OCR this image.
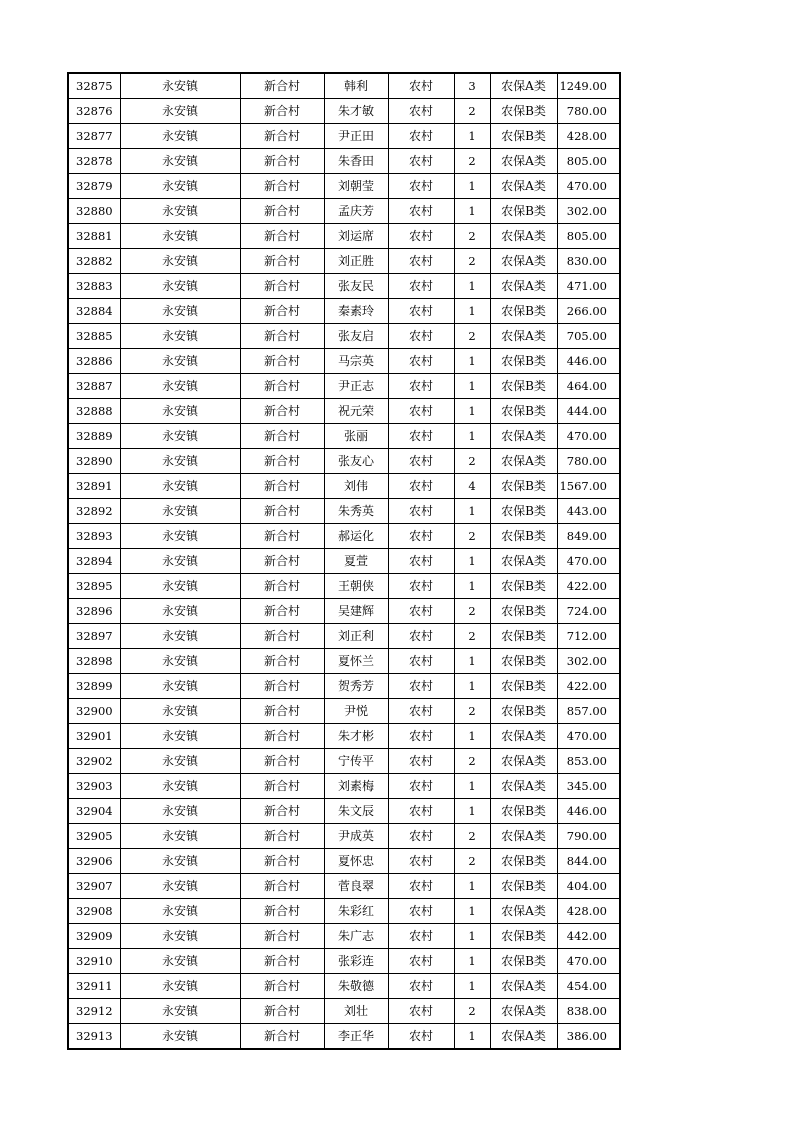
32875	永安镇	新合村	韩利	农村	3	农保A类	1249.00
32876	永安镇	新合村	朱才敏	农村	2	农保B类	780.00
32877	永安镇	新合村	尹正田	农村	1	农保B类	428.00
32878	永安镇	新合村	朱香田	农村	2	农保A类	805.00
32879	永安镇	新合村	刘朝莹	农村	1	农保A类	470.00
32880	永安镇	新合村	孟庆芳	农村	1	农保B类	302.00
32881	永安镇	新合村	刘运席	农村	2	农保A类	805.00
32882	永安镇	新合村	刘正胜	农村	2	农保A类	830.00
32883	永安镇	新合村	张友民	农村	1	农保A类	471.00
32884	永安镇	新合村	秦素玲	农村	1	农保B类	266.00
32885	永安镇	新合村	张友启	农村	2	农保A类	705.00
32886	永安镇	新合村	马宗英	农村	1	农保B类	446.00
32887	永安镇	新合村	尹正志	农村	1	农保B类	464.00
32888	永安镇	新合村	祝元荣	农村	1	农保B类	444.00
32889	永安镇	新合村	张丽	农村	1	农保A类	470.00
32890	永安镇	新合村	张友心	农村	2	农保A类	780.00
32891	永安镇	新合村	刘伟	农村	4	农保B类	1567.00
32892	永安镇	新合村	朱秀英	农村	1	农保B类	443.00
32893	永安镇	新合村	郝运化	农村	2	农保B类	849.00
32894	永安镇	新合村	夏萱	农村	1	农保A类	470.00
32895	永安镇	新合村	王朝侠	农村	1	农保B类	422.00
32896	永安镇	新合村	吴建辉	农村	2	农保B类	724.00
32897	永安镇	新合村	刘正利	农村	2	农保B类	712.00
32898	永安镇	新合村	夏怀兰	农村	1	农保B类	302.00
32899	永安镇	新合村	贺秀芳	农村	1	农保B类	422.00
32900	永安镇	新合村	尹悦	农村	2	农保B类	857.00
32901	永安镇	新合村	朱才彬	农村	1	农保A类	470.00
32902	永安镇	新合村	宁传平	农村	2	农保A类	853.00
32903	永安镇	新合村	刘素梅	农村	1	农保A类	345.00
32904	永安镇	新合村	朱文辰	农村	1	农保B类	446.00
32905	永安镇	新合村	尹成英	农村	2	农保A类	790.00
32906	永安镇	新合村	夏怀忠	农村	2	农保B类	844.00
32907	永安镇	新合村	菅良翠	农村	1	农保B类	404.00
32908	永安镇	新合村	朱彩红	农村	1	农保A类	428.00
32909	永安镇	新合村	朱广志	农村	1	农保B类	442.00
32910	永安镇	新合村	张彩连	农村	1	农保B类	470.00
32911	永安镇	新合村	朱敬德	农村	1	农保A类	454.00
32912	永安镇	新合村	刘壮	农村	2	农保A类	838.00
32913	永安镇	新合村	李正华	农村	1	农保A类	386.00
